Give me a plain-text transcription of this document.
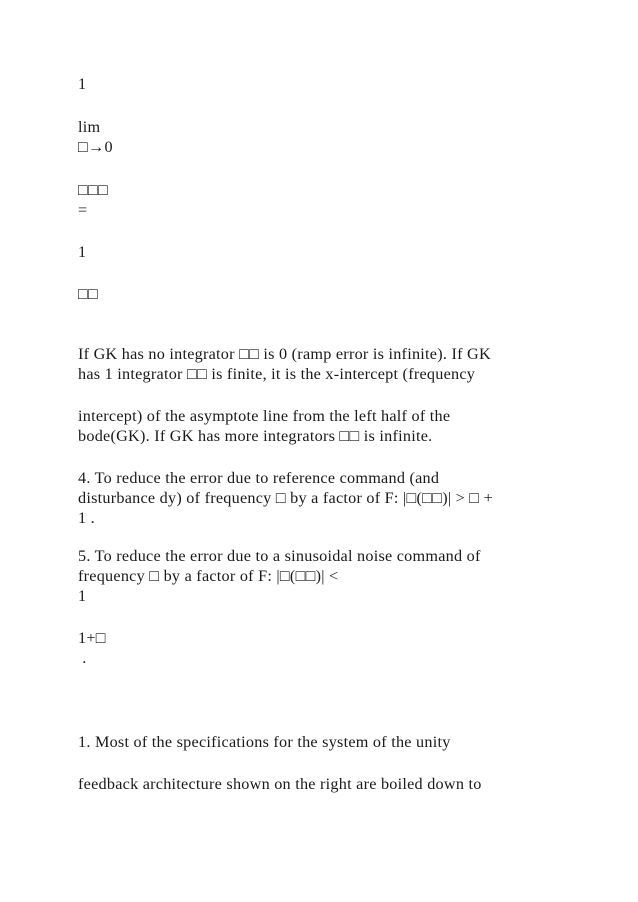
1
lim
□→0
□□□
=
1
□□
If GK has no integrator □□ is 0 (ramp error is infinite). If GK
has 1 integrator □□ is finite, it is the x-intercept (frequency
intercept) of the asymptote line from the left half of the
bode(GK). If GK has more integrators □□ is infinite.
4. To reduce the error due to reference command (and
disturbance dy) of frequency □ by a factor of F: |□(□□)| > □ +
1 .
5. To reduce the error due to a sinusoidal noise command of
frequency □ by a factor of F: |□(□□)| <
1
1+□
.
1. Most of the specifications for the system of the unity
feedback architecture shown on the right are boiled down to
